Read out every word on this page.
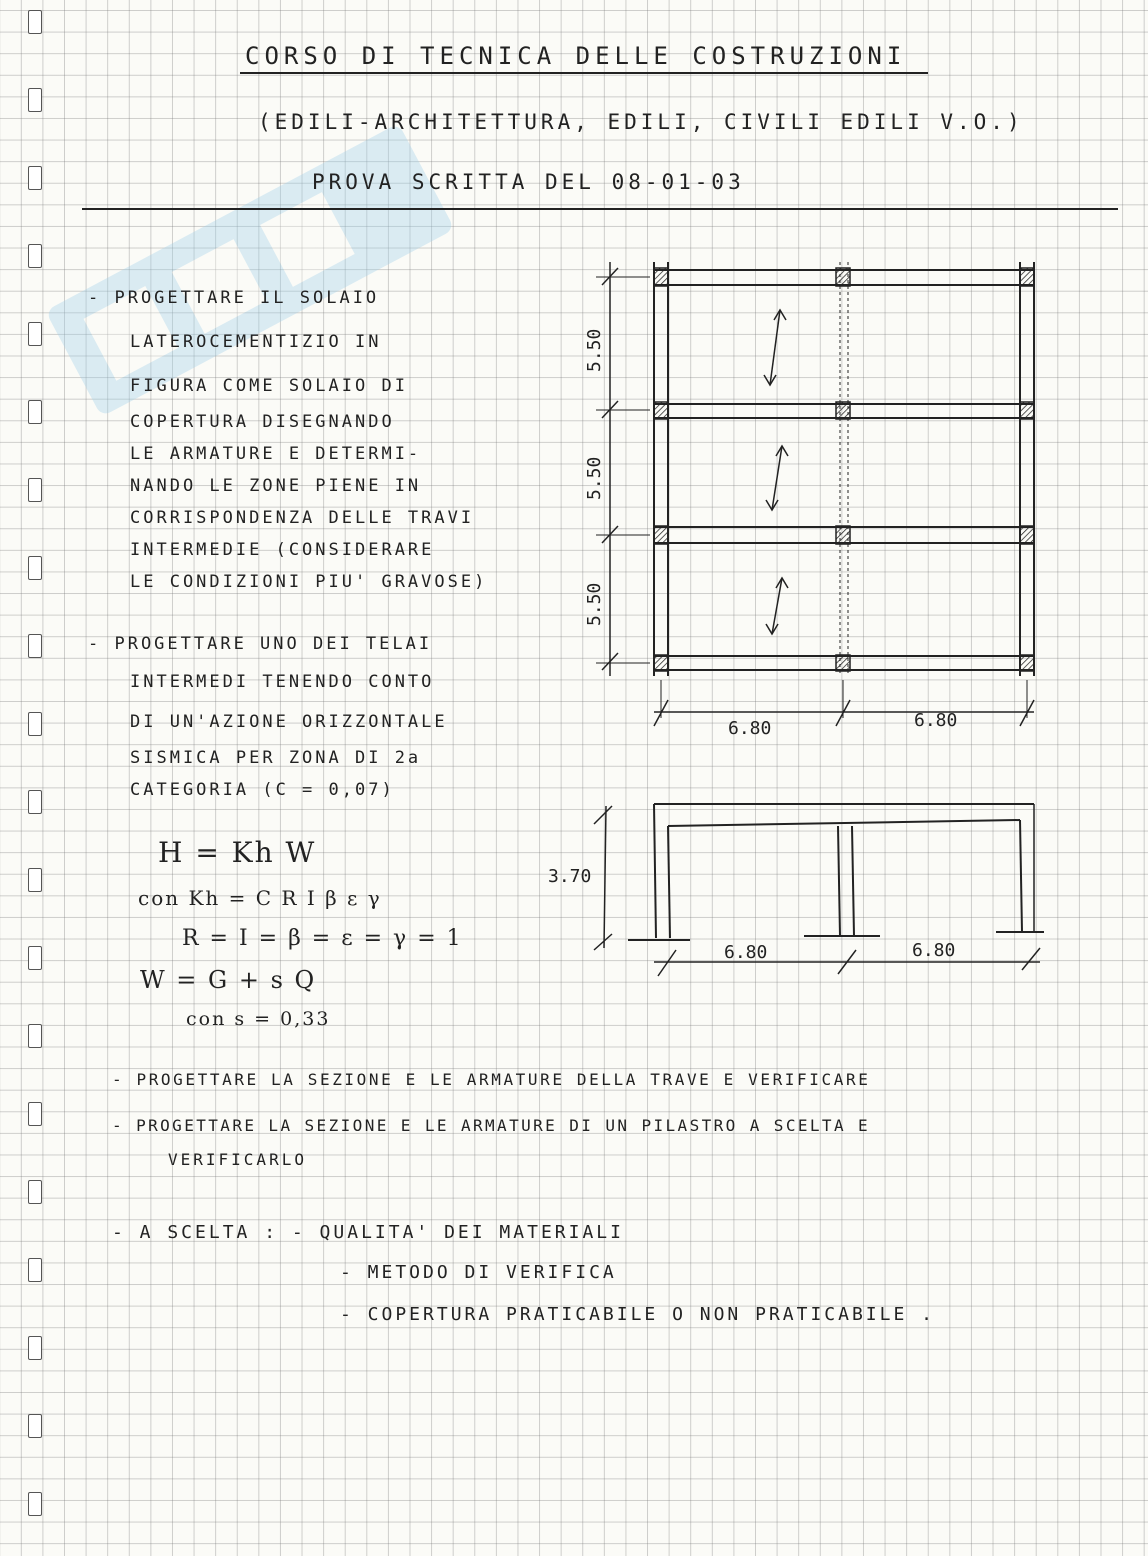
CORSO DI TECNICA DELLE COSTRUZIONI
(EDILI-ARCHITETTURA, EDILI, CIVILI EDILI V.O.)
PROVA SCRITTA DEL 08-01-03
- PROGETTARE IL SOLAIO
LATEROCEMENTIZIO IN
FIGURA COME SOLAIO DI
COPERTURA DISEGNANDO
LE ARMATURE E DETERMI-
NANDO LE ZONE PIENE IN
CORRISPONDENZA DELLE TRAVI
INTERMEDIE (CONSIDERARE
LE CONDIZIONI PIU' GRAVOSE)
- PROGETTARE UNO DEI TELAI
INTERMEDI TENENDO CONTO
DI UN'AZIONE ORIZZONTALE
SISMICA PER ZONA DI 2a
CATEGORIA (C = 0,07)
H = Kh W
con Kh = C R I β ε γ
R = I = β = ε = γ = 1
W = G + s Q
con s = 0,33
- PROGETTARE LA SEZIONE E LE ARMATURE DELLA TRAVE E VERIFICARE
- PROGETTARE LA SEZIONE E LE ARMATURE DI UN PILASTRO A SCELTA E
VERIFICARLO
- A SCELTA : - QUALITA' DEI MATERIALI
- METODO DI VERIFICA
- COPERTURA PRATICABILE O NON PRATICABILE .
5.50
5.50
5.50
6.80	6.80
3.70
6.80	6.80
